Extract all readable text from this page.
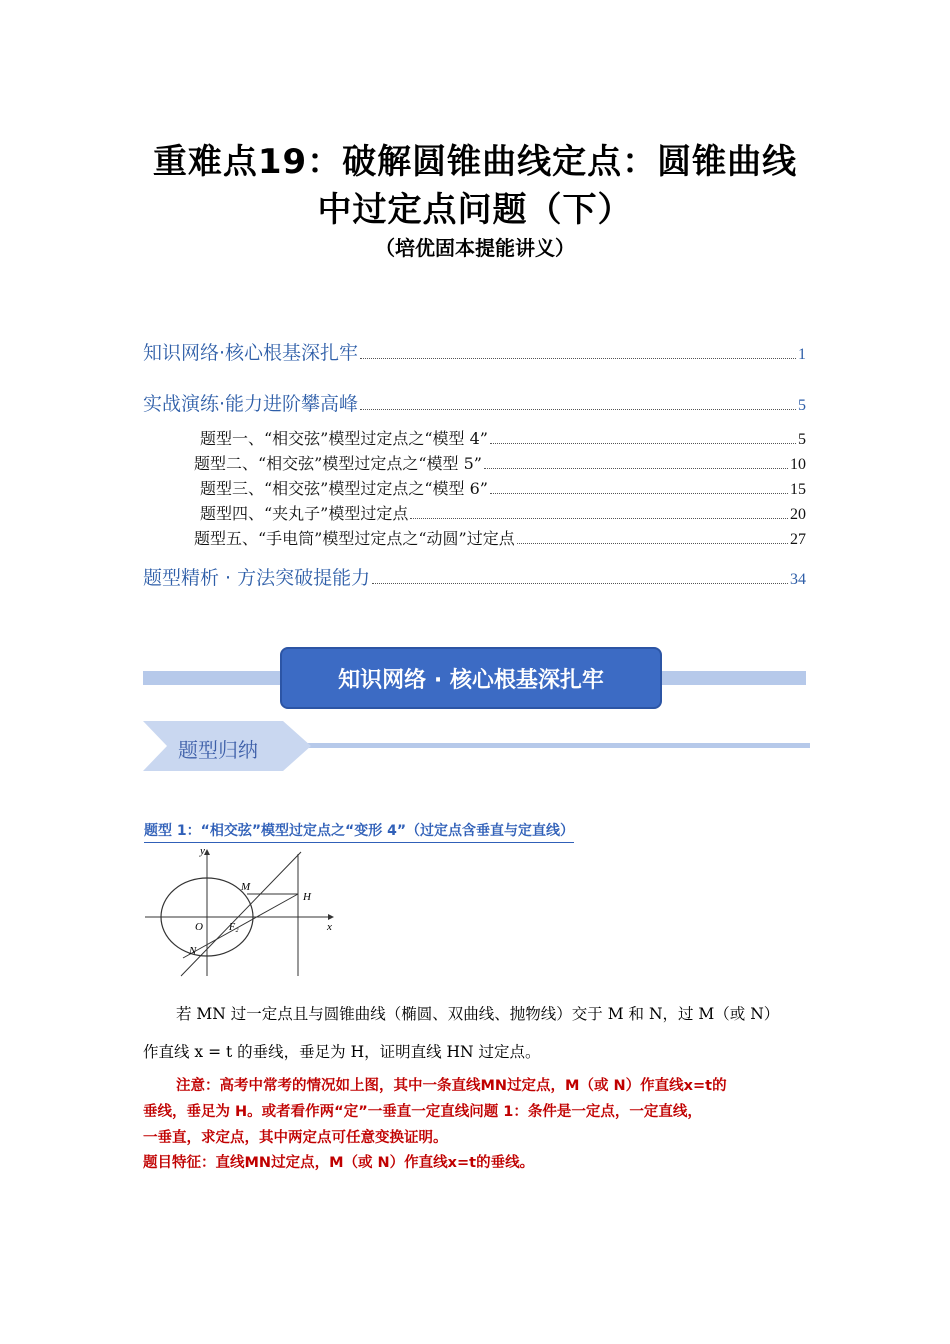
重难点19：破解圆锥曲线定点：圆锥曲线
中过定点问题（下）
（培优固本提能讲义）
知识网络·核心根基深扎牢	1
实战演练·能力进阶攀高峰	5
题型一、“相交弦”模型过定点之“模型 4”	5
题型二、“相交弦”模型过定点之“模型 5”	10
题型三、“相交弦”模型过定点之“模型 6”	15
题型四、“夹丸子”模型过定点	20
题型五、“手电筒”模型过定点之“动圆”过定点	27
题型精析 · 方法突破提能力	34
知识网络 · 核心根基深扎牢
题型归纳
题型 1：“相交弦”模型过定点之“变形 4”（过定点含垂直与定直线）
y
x
O	F₂
M
N
H
若 MN 过一定点且与圆锥曲线（椭圆、双曲线、抛物线）交于 M 和 N，过 M（或 N）
作直线 x = t 的垂线，垂足为 H，证明直线 HN 过定点。
注意：高考中常考的情况如上图，其中一条直线MN过定点，M（或 N）作直线x=t的
垂线，垂足为 H。或者看作两“定”一垂直一定直线问题 1：条件是一定点，一定直线，
一垂直，求定点，其中两定点可任意变换证明。
题目特征：直线MN过定点，M（或 N）作直线x=t的垂线。
